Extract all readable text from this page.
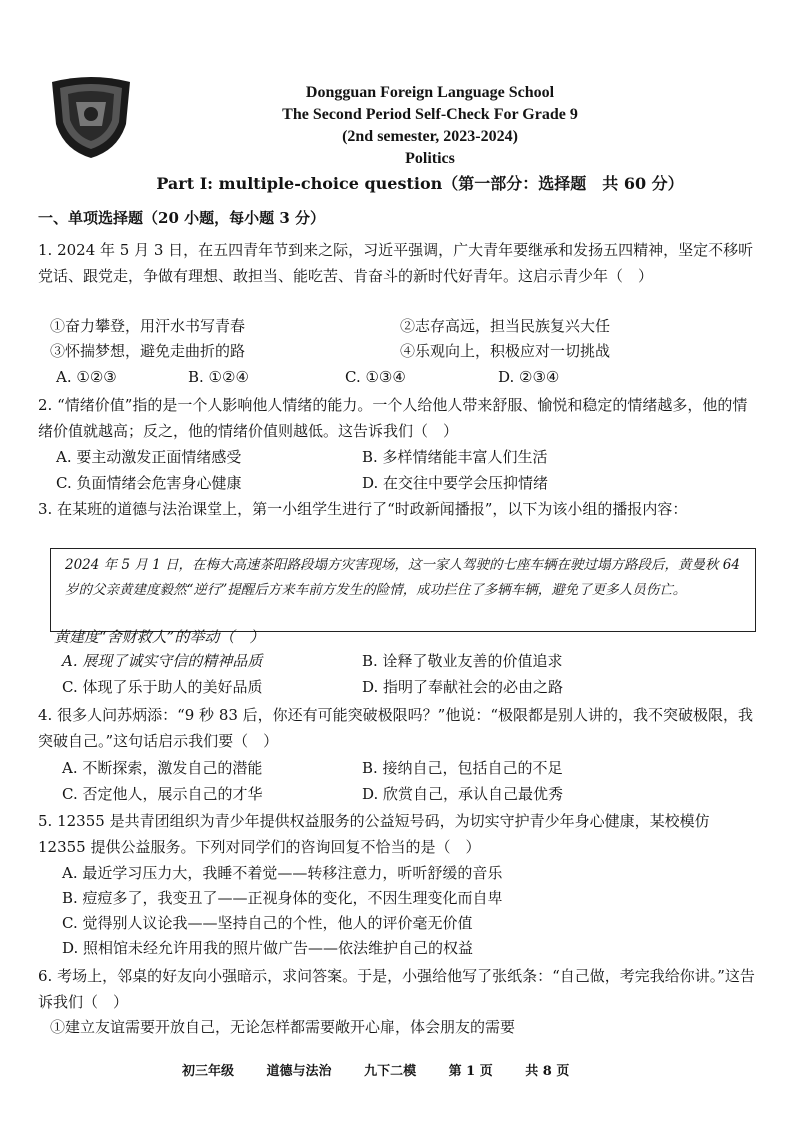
Dongguan Foreign Language School
The Second Period Self-Check For Grade 9
(2nd semester, 2023-2024)
Politics
Part Ⅰ: multiple-choice question（第一部分：选择题　共 60 分）
一、单项选择题（20 小题，每小题 3 分）
1. 2024 年 5 月 3 日，在五四青年节到来之际，习近平强调，广大青年要继承和发扬五四精神，坚定不移听党话、跟党走，争做有理想、敢担当、能吃苦、肯奋斗的新时代好青年。这启示青少年（　）
①奋力攀登，用汗水书写青春	②志存高远，担当民族复兴大任
③怀揣梦想，避免走曲折的路	④乐观向上，积极应对一切挑战
A. ①②③	B. ①②④	C. ①③④	D. ②③④
2. “情绪价值”指的是一个人影响他人情绪的能力。一个人给他人带来舒服、愉悦和稳定的情绪越多，他的情绪价值就越高；反之，他的情绪价值则越低。这告诉我们（　）
A. 要主动激发正面情绪感受	B. 多样情绪能丰富人们生活
C. 负面情绪会危害身心健康	D. 在交往中要学会压抑情绪
3. 在某班的道德与法治课堂上，第一小组学生进行了“时政新闻播报”，以下为该小组的播报内容：
2024 年 5 月 1 日，在梅大高速茶阳路段塌方灾害现场，这一家人驾驶的七座车辆在驶过塌方路段后，黄曼秋 64 岁的父亲黄建度毅然“逆行”提醒后方来车前方发生的险情，成功拦住了多辆车辆，避免了更多人员伤亡。
黄建度“舍财救人”的举动（　）
A. 展现了诚实守信的精神品质	B. 诠释了敬业友善的价值追求
C. 体现了乐于助人的美好品质	D. 指明了奉献社会的必由之路
4. 很多人问苏炳添：“9 秒 83 后，你还有可能突破极限吗？”他说：“极限都是别人讲的，我不突破极限，我突破自己。”这句话启示我们要（　）
A. 不断探索，激发自己的潜能	B. 接纳自己，包括自己的不足
C. 否定他人，展示自己的才华	D. 欣赏自己，承认自己最优秀
5. 12355 是共青团组织为青少年提供权益服务的公益短号码，为切实守护青少年身心健康，某校模仿 12355 提供公益服务。下列对同学们的咨询回复不恰当的是（　）
A. 最近学习压力大，我睡不着觉——转移注意力，听听舒缓的音乐
B. 痘痘多了，我变丑了——正视身体的变化，不因生理变化而自卑
C. 觉得别人议论我——坚持自己的个性，他人的评价毫无价值
D. 照相馆未经允许用我的照片做广告——依法维护自己的权益
6. 考场上，邻桌的好友向小强暗示，求问答案。于是，小强给他写了张纸条：“自己做，考完我给你讲。”这告诉我们（　）
①建立友谊需要开放自己，无论怎样都需要敞开心扉，体会朋友的需要
初三年级	道德与法治	九下二模	第 1 页	共 8 页
